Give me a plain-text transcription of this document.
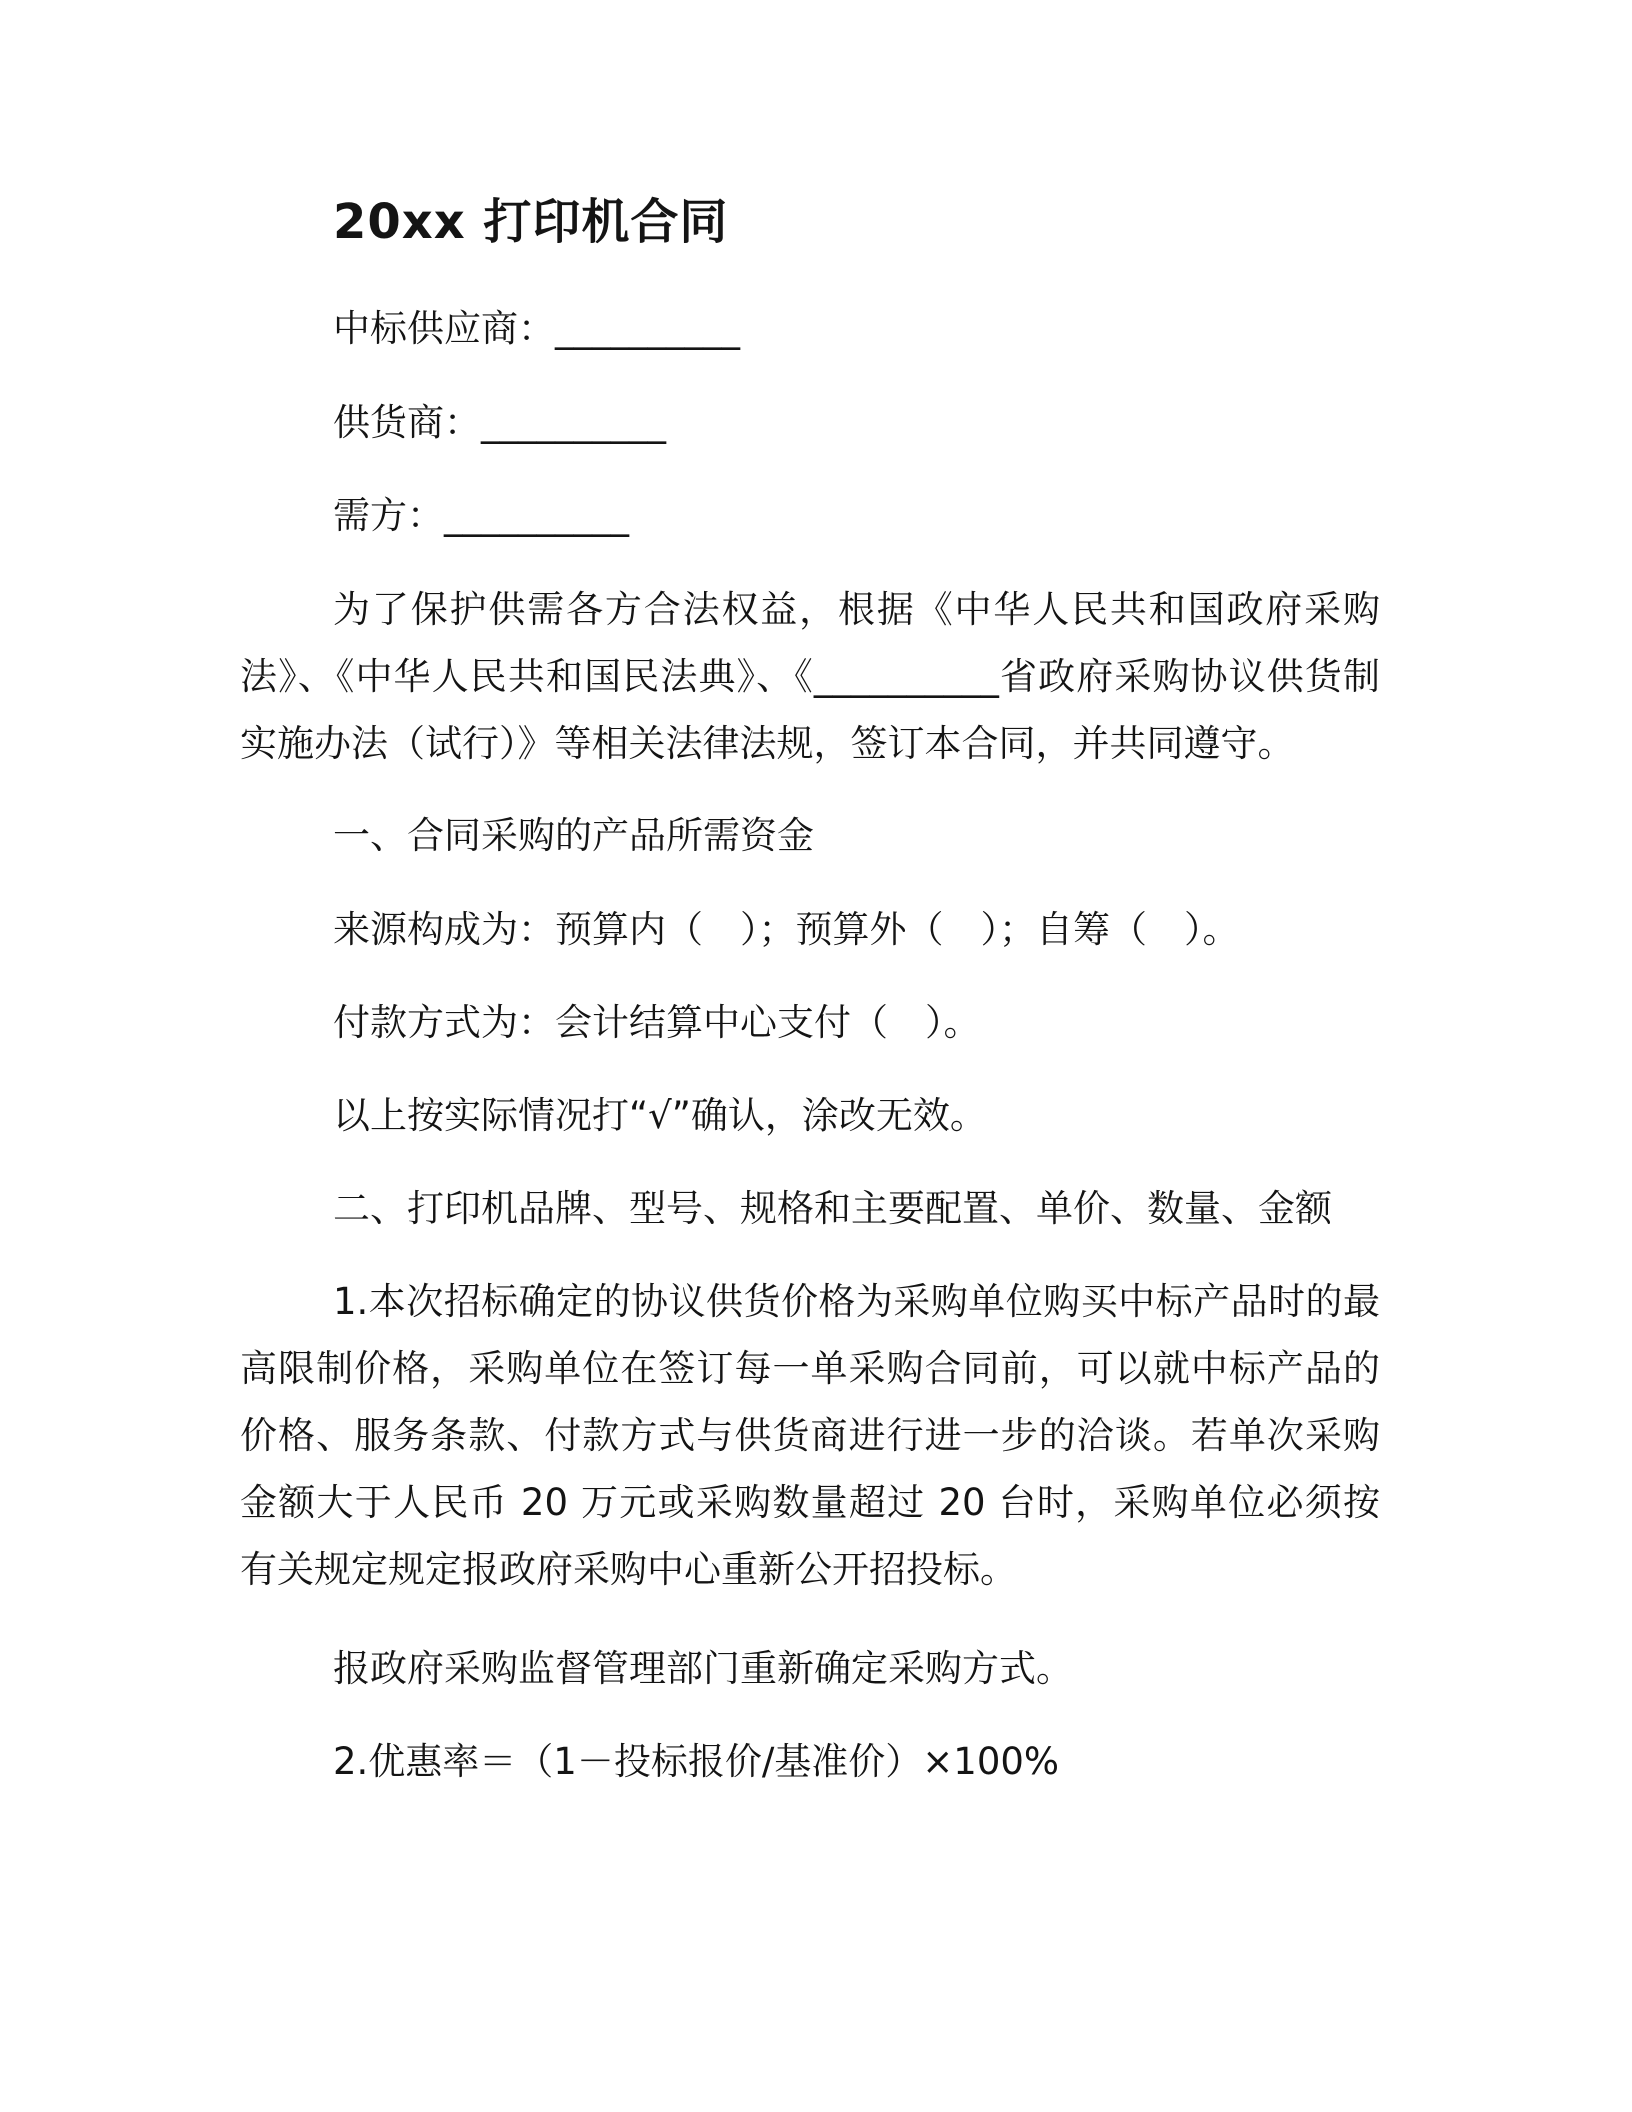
20xx 打印机合同
中标供应商：__________
供货商：__________
需方：__________

为了保护供需各方合法权益，根据《中华人民共和国政府采购法》、《中华人民共和国民法典》、《__________省政府采购协议供货制实施办法（试行）》等相关法律法规，签订本合同，并共同遵守。

一、合同采购的产品所需资金
来源构成为：预算内（　）；预算外（　）；自筹（　）。
付款方式为：会计结算中心支付（　）。
以上按实际情况打“√”确认，涂改无效。
二、打印机品牌、型号、规格和主要配置、单价、数量、金额

1.本次招标确定的协议供货价格为采购单位购买中标产品时的最高限制价格，采购单位在签订每一单采购合同前，可以就中标产品的价格、服务条款、付款方式与供货商进行进一步的洽谈。若单次采购金额大于人民币 20 万元或采购数量超过 20 台时，采购单位必须按有关规定规定报政府采购中心重新公开招投标。

报政府采购监督管理部门重新确定采购方式。
2.优惠率＝（1－投标报价/基准价）×100%
